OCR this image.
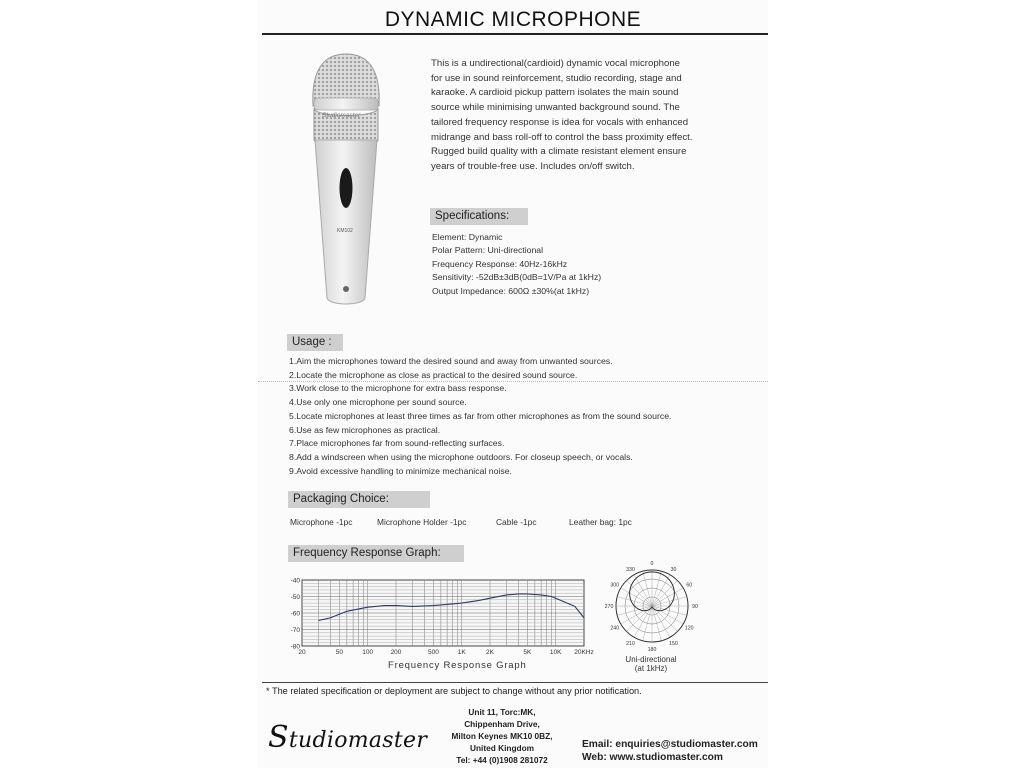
DYNAMIC MICROPHONE
Studiomaster
KM102
This is a undirectional(cardioid) dynamic vocal microphone
for use in sound reinforcement, studio recording, stage and
karaoke. A cardioid pickup pattern isolates the main sound
source while minimising unwanted background sound. The
tailored frequency response is idea for vocals with enhanced
midrange and bass roll-off to control the bass proximity effect.
Rugged build quality with a climate resistant element ensure
years of trouble-free use. Includes on/off switch.
Specifications:
Element: Dynamic
Polar Pattern: Uni-directional
Frequency Response: 40Hz-16kHz
Sensitivity: -52dB±3dB(0dB=1V/Pa at 1kHz)
Output Impedance: 600Ω ±30%(at 1kHz)
Usage :
1.Aim the microphones toward the desired sound and away from unwanted sources.
2.Locate the microphone as close as practical to the desired sound source.
3.Work close to the microphone for extra bass response.
4.Use only one microphone per sound source.
5.Locate microphones at least three times as far from other microphones as from the sound source.
6.Use as few microphones as practical.
7.Place microphones far from sound-reflecting surfaces.
8.Add a windscreen when using the microphone outdoors. For closeup speech, or vocals.
9.Avoid excessive handling to minimize mechanical noise.
Packaging Choice:
Microphone -1pc	Microphone Holder -1pc	Cable -1pc	Leather bag: 1pc
Frequency Response Graph:
-40
-50
-60
-70
-80
20	50	100	200	500	1K	2K	5K	10K 20KHz
Frequency Response Graph
0
30
60
90
120
150
180
210
240
270
300
330
Uni-directional
(at 1kHz)
* The related specification or deployment are subject to change without any prior notification.
Studiomaster
Unit 11, Torc:MK,
Chippenham Drive,
Milton Keynes MK10 0BZ,
United Kingdom
Tel: +44 (0)1908 281072
Email: enquiries@studiomaster.com
Web: www.studiomaster.com
